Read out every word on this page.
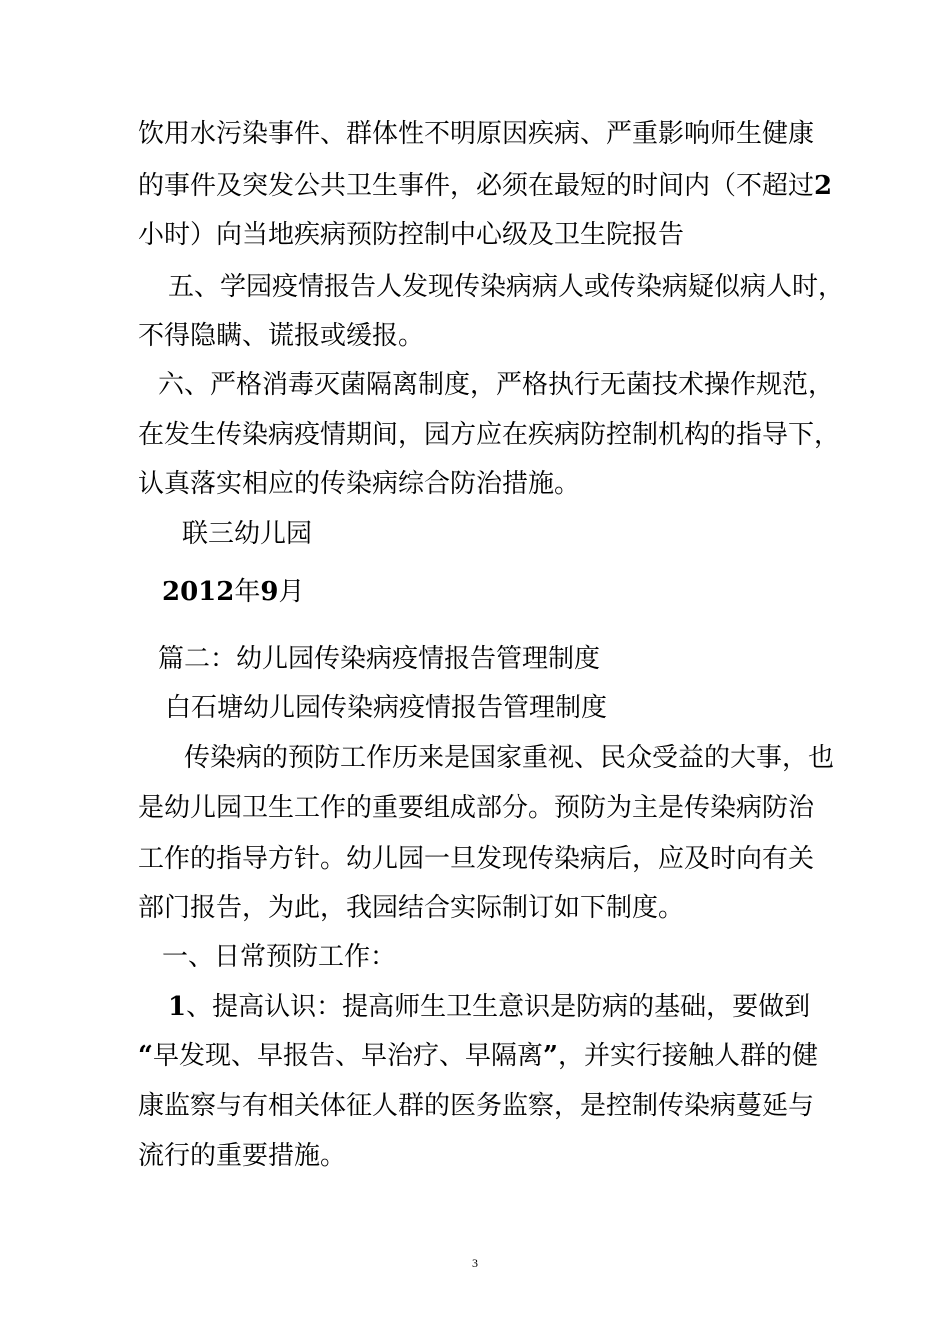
饮用水污染事件、群体性不明原因疾病、严重影响师生健康
的事件及突发公共卫生事件，必须在最短的时间内（不超过2
小时）向当地疾病预防控制中心级及卫生院报告
五、学园疫情报告人发现传染病病人或传染病疑似病人时，
不得隐瞒、谎报或缓报。
六、严格消毒灭菌隔离制度，严格执行无菌技术操作规范，
在发生传染病疫情期间，园方应在疾病防控制机构的指导下，
认真落实相应的传染病综合防治措施。
联三幼儿园
2012年9月
篇二：幼儿园传染病疫情报告管理制度
白石塘幼儿园传染病疫情报告管理制度
传染病的预防工作历来是国家重视、民众受益的大事，也
是幼儿园卫生工作的重要组成部分。预防为主是传染病防治
工作的指导方针。幼儿园一旦发现传染病后，应及时向有关
部门报告，为此，我园结合实际制订如下制度。
一、日常预防工作：
1、提高认识：提高师生卫生意识是防病的基础，要做到
“早发现、早报告、早治疗、早隔离”，并实行接触人群的健
康监察与有相关体征人群的医务监察，是控制传染病蔓延与
流行的重要措施。
3
